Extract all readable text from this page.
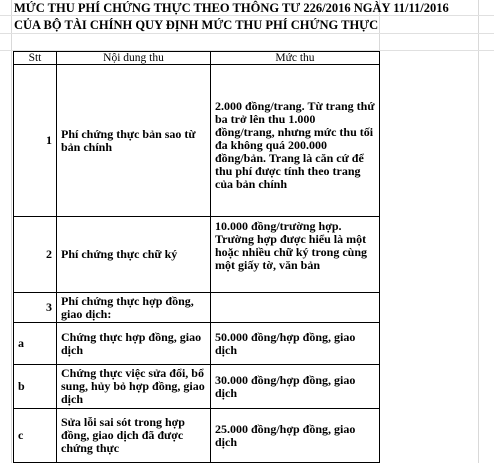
MỨC THU PHÍ CHỨNG THỰC THEO THÔNG TƯ 226/2016 NGÀY 11/11/2016
CỦA BỘ TÀI CHÍNH QUY ĐỊNH MỨC THU PHÍ CHỨNG THỰC
Stt	Nội dung thu	Mức thu
1	Phí chứng thực bản sao từ bản chính	2.000 đồng/trang. Từ trang thứ ba trở lên thu 1.000 đồng/trang, nhưng mức thu tối đa không quá 200.000 đồng/bản. Trang là căn cứ để thu phí được tính theo trang của bản chính
2	Phí chứng thực chữ ký	10.000 đồng/trường hợp. Trường hợp được hiểu là một hoặc nhiều chữ ký trong cùng một giấy tờ, văn bản

3	Phí chứng thực hợp đồng, giao dịch:	

a	Chứng thực hợp đồng, giao dịch	50.000 đồng/hợp đồng, giao dịch
b	Chứng thực việc sửa đổi, bổ sung, hủy bỏ hợp đồng, giao dịch	30.000 đồng/hợp đồng, giao dịch
c	Sửa lỗi sai sót trong hợp đồng, giao dịch đã được chứng thực	25.000 đồng/hợp đồng, giao dịch
